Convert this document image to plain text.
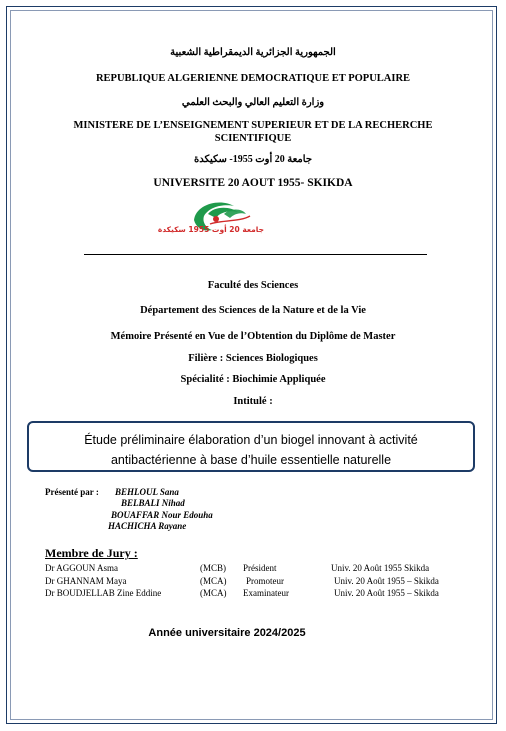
الجمهورية الجزائرية الديمقراطية الشعبية
REPUBLIQUE ALGERIENNE DEMOCRATIQUE ET POPULAIRE
وزارة التعليم العالي والبحث العلمي
MINISTERE DE L’ENSEIGNEMENT SUPERIEUR ET DE LA RECHERCHE
SCIENTIFIQUE
جامعة 20 أوت 1955- سكيكدة
UNIVERSITE 20 AOUT 1955- SKIKDA
جامعة 20 أوت 1955 سكيكدة
Faculté des Sciences
Département des Sciences de la Nature et de la Vie
Mémoire Présenté en Vue de l’Obtention du Diplôme de Master
Filière : Sciences Biologiques
Spécialité : Biochimie Appliquée
Intitulé :
Étude préliminaire élaboration d’un biogel innovant à activité
antibactérienne à base d’huile essentielle naturelle
Présenté par : BEHLOUL Sana
BELBALI Nihad
BOUAFFAR Nour Edouha
HACHICHA Rayane
Membre de Jury :
Dr AGGOUN Asma	(MCB) Président	Univ. 20 Août 1955 Skikda
Dr GHANNAM Maya	(MCA) Promoteur	Univ. 20 Août 1955 – Skikda
Dr BOUDJELLAB Zine Eddine	(MCA) Examinateur	Univ. 20 Août 1955 – Skikda
Année universitaire 2024/2025
